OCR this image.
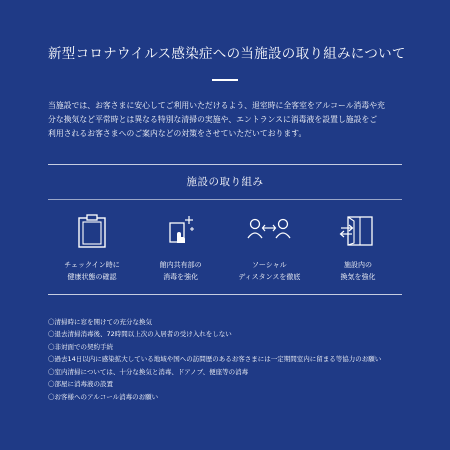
新型コロナウイルス感染症への当施設の取り組みについて

当施設では、お客さまに安心してご利用いただけるよう、退室時に全客室をアルコール消毒や充

分な換気など平常時とは異なる特別な清掃の実施や、エントランスに消毒液を設置し施設をご

利用されるお客さまへのご案内などの対策をさせていただいております。

施設の取り組み
チェックイン時に
健康状態の確認
館内共有部の
消毒を強化
ソーシャル
ディスタンスを徹底
施設内の
換気を強化
〇清掃時に窓を開けての充分な換気
〇退去清掃消毒後、72時間以上次の入居者の受け入れをしない
〇非対面での契約手続
〇過去14日以内に感染拡大している地域や国への訪問歴のあるお客さまには一定期間室内に留まる等協力のお願い
〇室内清掃については、十分な換気と消毒、ドアノブ、便座等の消毒
〇部屋に消毒液の設置
〇お客様へのアルコール消毒のお願い
